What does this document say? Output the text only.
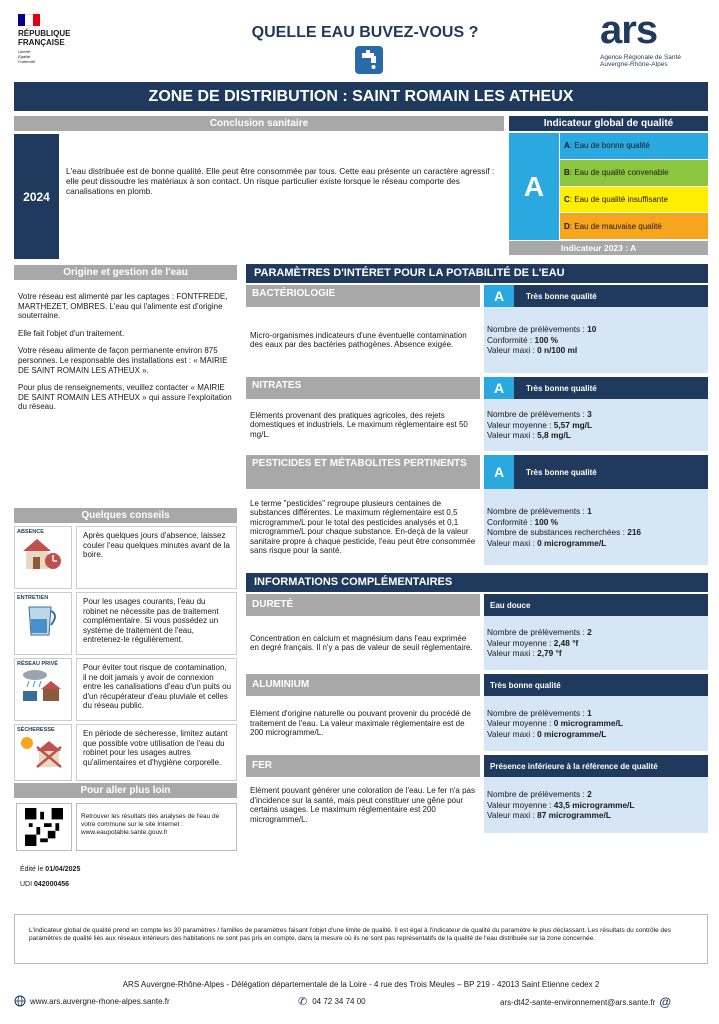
RÉPUBLIQUE
FRANÇAISE
Liberté
Égalité
Fraternité
QUELLE EAU BUVEZ-VOUS ?	ars
Agence Régionale de Santé
Auvergne-Rhône-Alpes
ZONE DE DISTRIBUTION : SAINT ROMAIN LES ATHEUX
Conclusion sanitaire
2024
L'eau distribuée est de bonne qualité. Elle peut être consommée par tous. Cette eau présente un caractère agressif : elle peut dissoudre les matériaux à son contact. Un risque particulier existe lorsque le réseau comporte des canalisations en plomb.
Indicateur global de qualité
A
A : Eau de bonne qualité
B : Eau de qualité convenable
C : Eau de qualité insuffisante
D : Eau de mauvaise qualité
Indicateur 2023 : A
Origine et gestion de l'eau

Votre réseau est alimenté par les captages : FONTFREDE, MARTHEZET, OMBRES. L'eau qui l'alimente est d'origine souterraine.

Elle fait l'objet d'un traitement.

Votre réseau alimente de façon permanente environ 875 personnes. Le responsable des installations est : « MAIRIE DE SAINT ROMAIN LES ATHEUX ».

Pour plus de renseignements, veuillez contacter « MAIRIE DE SAINT ROMAIN LES ATHEUX » qui assure l'exploitation du réseau.

Quelques conseils
ABSENCE	Après quelques jours d'absence, laissez couler l'eau quelques minutes avant de la boire.
ENTRETIEN	Pour les usages courants, l'eau du robinet ne nécessite pas de traitement complémentaire. Si vous possédez un système de traitement de l'eau, entretenez-le régulièrement.
RÉSEAU PRIVÉ	Pour éviter tout risque de contamination, il ne doit jamais y avoir de connexion entre les canalisations d'eau d'un puits ou d'un récupérateur d'eau pluviale et celles du réseau public.
SÉCHERESSE	En période de sécheresse, limitez autant que possible votre utilisation de l'eau du robinet pour les usages autres qu'alimentaires et d'hygiène corporelle.
Pour aller plus loin
Retrouver les résultats des analyses de l'eau de votre commune sur le site Internet : www.eaupotable.sante.gouv.fr
Édité le 01/04/2025
UDI 042000456
PARAMÈTRES D'INTÉRET POUR LA POTABILITÉ DE L'EAU
BACTÉRIOLOGIE	A	Très bonne qualité
Micro-organismes indicateurs d'une éventuelle contamination des eaux par des bactéries pathogènes. Absence exigée.
Nombre de prélèvements : 10
Conformité : 100 %
Valeur maxi : 0 n/100 ml
NITRATES	A	Très bonne qualité
Eléments provenant des pratiques agricoles, des rejets domestiques et industriels. Le maximum réglementaire est 50 mg/L.
Nombre de prélèvements : 3
Valeur moyenne : 5,57 mg/L
Valeur maxi : 5,8 mg/L
PESTICIDES ET MÉTABOLITES PERTINENTS
A	Très bonne qualité
Le terme "pesticides" regroupe plusieurs centaines de substances différentes. Le maximum réglementaire est 0,5 microgramme/L pour le total des pesticides analysés et 0,1 microgramme/L pour chaque substance. En-deçà de la valeur sanitaire propre à chaque pesticide, l'eau peut être consommée sans risque pour la santé.
Nombre de prélèvements : 1
Conformité : 100 %
Nombre de substances recherchées : 216
Valeur maxi : 0 microgramme/L
INFORMATIONS COMPLÉMENTAIRES
DURETÉ	Eau douce
Concentration en calcium et magnésium dans l'eau exprimée en degré français. Il n'y a pas de valeur de seuil réglementaire.
Nombre de prélèvements : 2
Valeur moyenne : 2,48 °f
Valeur maxi : 2,79 °f
ALUMINIUM	Très bonne qualité
Elément d'origine naturelle ou pouvant provenir du procédé de traitement de l'eau. La valeur maximale réglementaire est de 200 microgramme/L.
Nombre de prélèvements : 1
Valeur moyenne : 0 microgramme/L
Valeur maxi : 0 microgramme/L
FER	Présence inférieure à la référence de qualité
Elément pouvant générer une coloration de l'eau. Le fer n'a pas d'incidence sur la santé, mais peut constituer une gêne pour certains usages. Le maximum réglementaire est 200 microgramme/L.
Nombre de prélèvements : 2
Valeur moyenne : 43,5 microgramme/L
Valeur maxi : 87 microgramme/L
L'indicateur global de qualité prend en compte les 30 paramètres / familles de paramètres faisant l'objet d'une limite de qualité. Il est égal à l'indicateur de qualité du paramètre le plus déclassant. Les résultats du contrôle des paramètres de qualité liés aux réseaux intérieurs des habitations ne sont pas pris en compte, dans la mesure où ils ne sont pas représentatifs de la qualité de l'eau distribuée sur la zone concernée.
ARS Auvergne-Rhône-Alpes - Délégation départementale de la Loire - 4 rue des Trois Meules – BP 219 - 42013 Saint Etienne cedex 2
www.ars.auvergne-rhone-alpes.sante.fr	✆ 04 72 34 74 00	ars-dt42-sante-environnement@ars.sante.fr @
